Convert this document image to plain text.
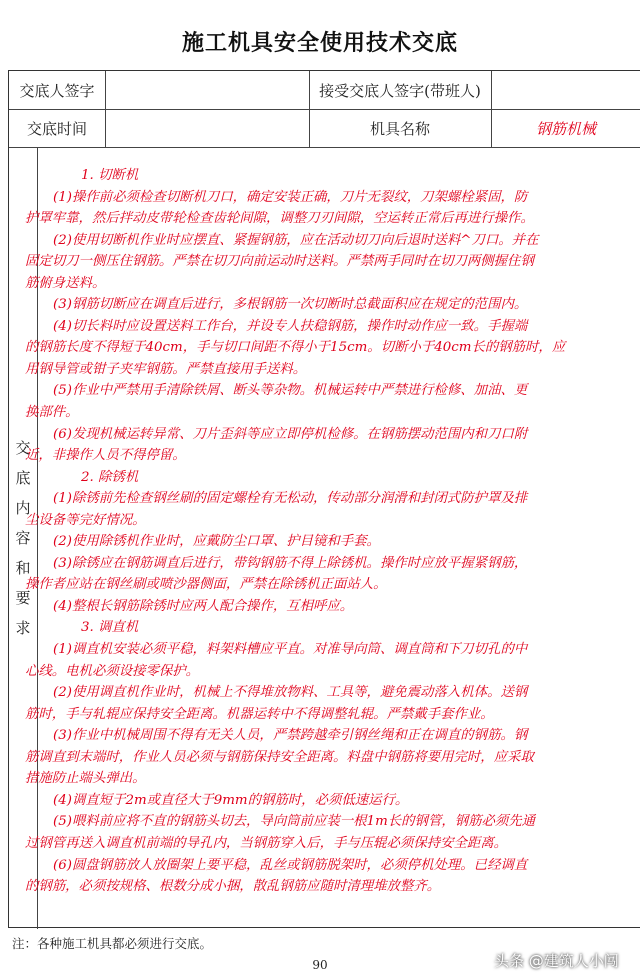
施工机具安全使用技术交底
交底人签字	接受交底人签字(带班人)
交底时间	机具名称	钢筋机械
交
底
内
容
和
要
求
1. 切断机
(1)操作前必须检查切断机刀口，确定安装正确，刀片无裂纹，刀架螺栓紧固，防
护罩牢靠，然后拌动皮带轮检查齿轮间隙，调整刀刃间隙，空运转正常后再进行操作。
(2)使用切断机作业时应摆直、紧握钢筋，应在活动切刀向后退时送料^刀口。并在
固定切刀一侧压住钢筋。严禁在切刀向前运动时送料。严禁两手同时在切刀两侧握住钢
筋俯身送料。
(3)钢筋切断应在调直后进行，多根钢筋一次切断时总截面积应在规定的范围内。
(4)切长料时应设置送料工作台，并设专人扶稳钢筋，操作时动作应一致。手握端
的钢筋长度不得短于40cm，手与切口间距不得小于15cm。切断小于40cm长的钢筋时，应
用钢导管或钳子夹牢钢筋。严禁直接用手送料。
(5)作业中严禁用手清除铁屑、断头等杂物。机械运转中严禁进行检修、加油、更
换部件。
(6)发现机械运转异常、刀片歪斜等应立即停机检修。在钢筋摆动范围内和刀口附
近，非操作人员不得停留。
2. 除锈机
(1)除锈前先检查钢丝刷的固定螺栓有无松动，传动部分润滑和封闭式防护罩及排
尘设备等完好情况。
(2)使用除锈机作业时，应戴防尘口罩、护目镜和手套。
(3)除锈应在钢筋调直后进行，带钩钢筋不得上除锈机。操作时应放平握紧钢筋，
操作者应站在钢丝刷或喷沙器侧面，严禁在除锈机正面站人。
(4)整根长钢筋除锈时应两人配合操作，互相呼应。
3. 调直机
(1)调直机安装必须平稳，料架料槽应平直。对准导向筒、调直筒和下刀切孔的中
心线。电机必须设接零保护。
(2)使用调直机作业时，机械上不得堆放物料、工具等，避免震动落入机体。送钢
筋时，手与轧辊应保持安全距离。机器运转中不得调整轧辊。严禁戴手套作业。
(3)作业中机械周围不得有无关人员，严禁跨越牵引钢丝绳和正在调直的钢筋。钢
筋调直到末端时，作业人员必须与钢筋保持安全距离。料盘中钢筋将要用完时，应采取
措施防止端头弹出。
(4)调直短于2m或直径大于9mm的钢筋时，必须低速运行。
(5)喂料前应将不直的钢筋头切去，导向筒前应装一根1m长的钢管，钢筋必须先通
过钢管再送入调直机前端的导孔内，当钢筋穿入后，手与压辊必须保持安全距离。
(6)圆盘钢筋放人放圈架上要平稳，乱丝或钢筋脱架时，必须停机处理。已经调直
的钢筋，必须按规格、根数分成小捆，散乱钢筋应随时清理堆放整齐。
注：各种施工机具都必须进行交底。
90	头条 @建筑人小闯
